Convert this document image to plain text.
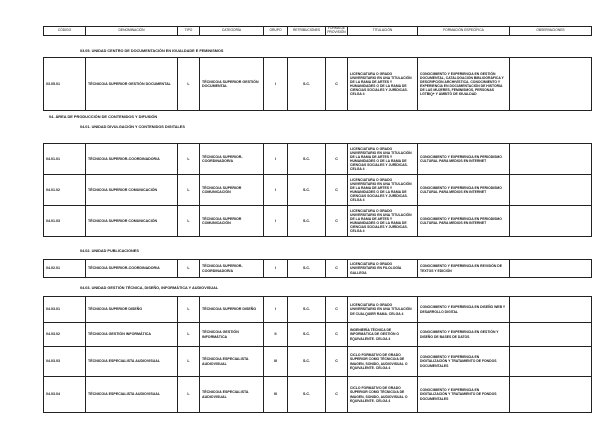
CÓDIGO	DENOMINACIÓN	TIPO	CATEGORÍA	GRUPO	RETRIBUCIONES	FORMA DE PROVISIÓN	TITULACIÓN	FORMACIÓN ESPECÍFICA	OBSERVACIONES
03.05. UNIDAD CENTRO DE DOCUMENTACIÓN EN IGUALDADE E FEMINISMOS
03.05.01	TÉCNICO/A SUPERIOR GESTIÓN DOCUMENTAL	L	TÉCNICO/A SUPERIOR GESTIÓN DOCUMENTAL	I	S.C.	C	LICENCIATURA O GRADO UNIVERSITARIO EN UNA TITULACIÓN DE LA RAMA DE ARTES Y HUMANIDADES O DE LA RAMA DE CIENCIAS SOCIALES Y JURÍDICAS. CELGA 4	CONOCIMIENTO Y EXPERIENCIA EN GESTIÓN DOCUMENTAL, CATALOGACIÓN BIBLIOGRÁFICA Y DESCRIPCIÓN ARCHIVÍSTICA. CONOCIMIENTO Y EXPERIENCIA EN DOCUMENTACIÓN DE HISTORIA DE LAS MUJERES, FEMINISMOS, PERSONAS LGTBIQ+ Y ÁMBITO DE IGUALDAD	
04. ÁREA DE PRODUCCIÓN DE CONTENIDOS Y DIFUSIÓN
04.01. UNIDAD DIVULGACIÓN Y CONTENIDOS DIGITALES
04.01.01	TÉCNICO/A SUPERIOR-COORDINADOR/A	L	TÉCNICO/A SUPERIOR-COORDINADOR/A	I	S.C.	C	LICENCIATURA O GRADO UNIVERSITARIO EN UNA TITULACIÓN DE LA RAMA DE ARTES Y HUMANIDADES O DE LA RAMA DE CIENCIAS SOCIALES Y JURÍDICAS. CELGA 4	CONOCIMIENTO Y EXPERIENCIA EN PERIODISMO CULTURAL PARA MEDIOS EN INTERNET	
04.01.02	TÉCNICO/A SUPERIOR COMUNICACIÓN	L	TÉCNICO/A SUPERIOR COMUNICACIÓN	I	S.C.	C	LICENCIATURA O GRADO UNIVERSITARIO EN UNA TITULACIÓN DE LA RAMA DE ARTES Y HUMANIDADES O DE LA RAMA DE CIENCIAS SOCIALES Y JURÍDICAS. CELGA 4	CONOCIMIENTO Y EXPERIENCIA EN PERIODISMO CULTURAL PARA MEDIOS EN INTERNET	
04.01.03	TÉCNICO/A SUPERIOR COMUNICACIÓN	L	TÉCNICO/A SUPERIOR COMUNICACIÓN	I	S.C.	C	LICENCIATURA O GRADO UNIVERSITARIO EN UNA TITULACIÓN DE LA RAMA DE ARTES Y HUMANIDADES O DE LA RAMA DE CIENCIAS SOCIALES Y JURÍDICAS. CELGA 4	CONOCIMIENTO Y EXPERIENCIA EN PERIODISMO CULTURAL PARA MEDIOS EN INTERNET	
04.02. UNIDAD PUBLICACIONES
04.02.01	TÉCNICO/A SUPERIOR-COORDINADOR/A	L	TÉCNICO/A SUPERIOR-COORDINADOR/A	I	S.C.	C	LICENCIATURA O GRADO UNIVERSITARIO EN FILOLOGÍA GALLEGA	CONOCIMIENTO Y EXPERIENCIA EN REVISIÓN DE TEXTOS Y EDICIÓN	
04.03. UNIDAD GESTIÓN TÉCNICA, DISEÑO, INFORMÁTICA Y AUDIOVISUAL
04.03.01	TÉCNICO/A SUPERIOR DISEÑO	L	TÉCNICO/A SUPERIOR DISEÑO	I	S.C.	C	LICENCIATURA O GRADO UNIVERSITARIO EN UNA TITULACIÓN DE CUALQUIER RAMA. CELGA 4	CONOCIMIENTO Y EXPERIENCIA EN DISEÑO WEB Y DESARROLLO DIGITAL	
04.03.02	TÉCNICO/A GESTIÓN INFORMÁTICA	L	TÉCNICO/A GESTIÓN INFORMÁTICA	II	S.C.	C	INGENIERÍA TÉCNICA DE INFORMÁTICA DE GESTIÓN O EQUIVALENTE. CELGA 4	CONOCIMIENTO Y EXPERIENCIA EN GESTIÓN Y DISEÑO DE BASES DE DATOS	
04.03.03	TÉCNICO/A ESPECIALISTA AUDIOVISUAL	L	TÉCNICO/A ESPECIALISTA AUDIOVISUAL	III	S.C.	C	CICLO FORMATIVO DE GRADO SUPERIOR COMO TÉCNICO/A DE IMAGEN, SONIDO, AUDIOVISUAL O EQUIVALENTE. CELGA 4	CONOCIMIENTO Y EXPERIENCIA EN DIGITALIZACIÓN Y TRATAMIENTO DE FONDOS DOCUMENTALES	
04.03.04	TÉCNICO/A ESPECIALISTA AUDIOVISUAL	L	TÉCNICO/A ESPECIALISTA AUDIOVISUAL	III	S.C.	C	CICLO FORMATIVO DE GRADO SUPERIOR COMO TÉCNICO/A DE IMAGEN, SONIDO, AUDIOVISUAL O EQUIVALENTE. CELGA 4	CONOCIMIENTO Y EXPERIENCIA EN DIGITALIZACIÓN Y TRATAMIENTO DE FONDOS DOCUMENTALES	
